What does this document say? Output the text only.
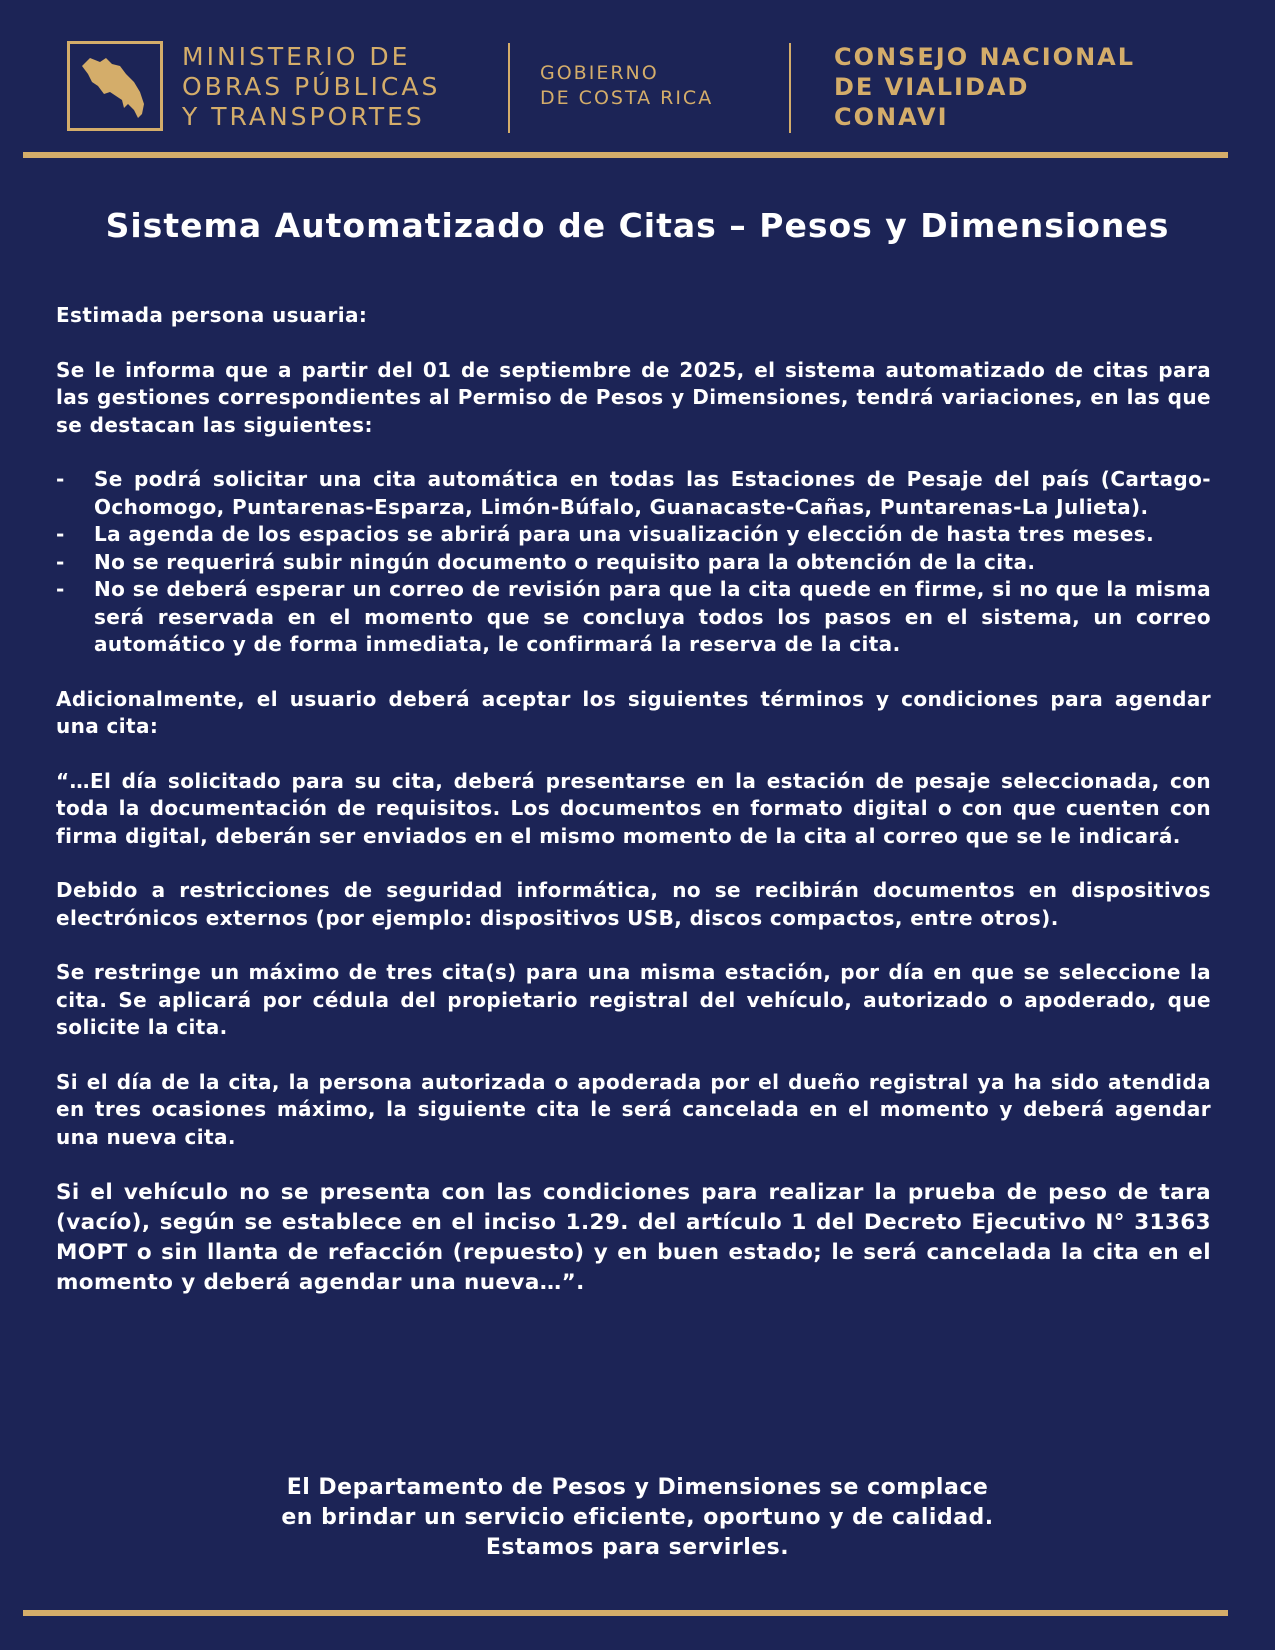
MINISTERIO DE
OBRAS PÚBLICAS
Y TRANSPORTES
GOBIERNO
DE COSTA RICA
CONSEJO NACIONAL
DE VIALIDAD
CONAVI
Sistema Automatizado de Citas – Pesos y Dimensiones

Estimada persona usuaria:

Se le informa que a partir del 01 de septiembre de 2025, el sistema automatizado de citas para las gestiones correspondientes al Permiso de Pesos y Dimensiones, tendrá variaciones, en las que se destacan las siguientes:

- Se podrá solicitar una cita automática en todas las Estaciones de Pesaje del país (Cartago-Ochomogo, Puntarenas-Esparza, Limón-Búfalo, Guanacaste-Cañas, Puntarenas-La Julieta).
- La agenda de los espacios se abrirá para una visualización y elección de hasta tres meses.
- No se requerirá subir ningún documento o requisito para la obtención de la cita.
- No se deberá esperar un correo de revisión para que la cita quede en firme, si no que la misma será reservada en el momento que se concluya todos los pasos en el sistema, un correo automático y de forma inmediata, le confirmará la reserva de la cita.

Adicionalmente, el usuario deberá aceptar los siguientes términos y condiciones para agendar una cita:

“…El día solicitado para su cita, deberá presentarse en la estación de pesaje seleccionada, con toda la documentación de requisitos. Los documentos en formato digital o con que cuenten con firma digital, deberán ser enviados en el mismo momento de la cita al correo que se le indicará.

Debido a restricciones de seguridad informática, no se recibirán documentos en dispositivos electrónicos externos (por ejemplo: dispositivos USB, discos compactos, entre otros).

Se restringe un máximo de tres cita(s) para una misma estación, por día en que se seleccione la cita. Se aplicará por cédula del propietario registral del vehículo, autorizado o apoderado, que solicite la cita.

Si el día de la cita, la persona autorizada o apoderada por el dueño registral ya ha sido atendida en tres ocasiones máximo, la siguiente cita le será cancelada en el momento y deberá agendar una nueva cita.

Si el vehículo no se presenta con las condiciones para realizar la prueba de peso de tara (vacío), según se establece en el inciso 1.29. del artículo 1 del Decreto Ejecutivo N° 31363 MOPT o sin llanta de refacción (repuesto) y en buen estado; le será cancelada la cita en el momento y deberá agendar una nueva…”.

El Departamento de Pesos y Dimensiones se complace
en brindar un servicio eficiente, oportuno y de calidad.
Estamos para servirles.
